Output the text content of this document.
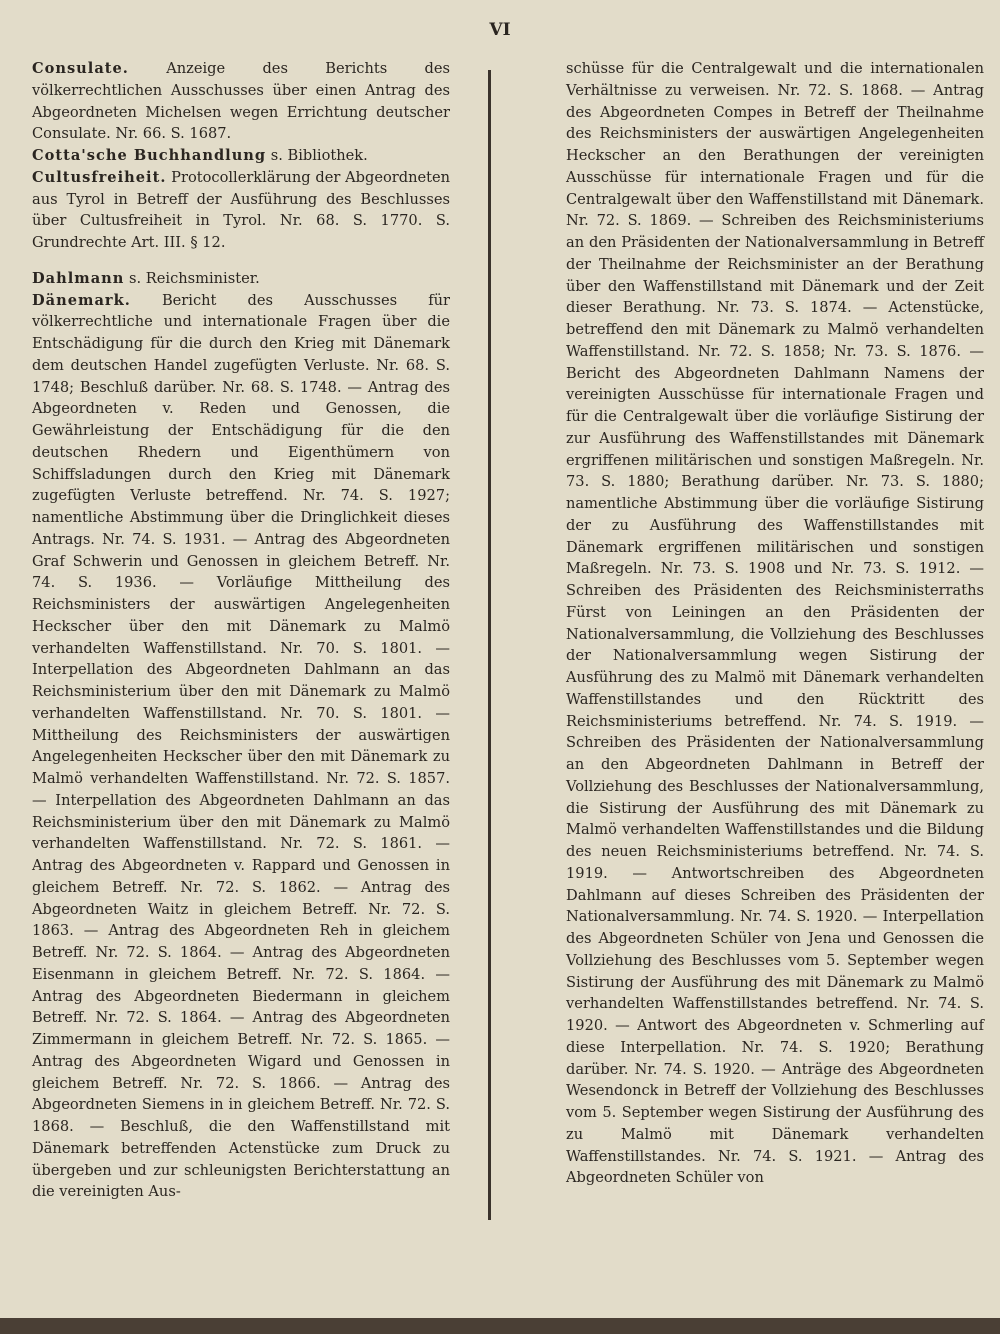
VI

Consulate.	Anzeige des Berichts des völkerrechtlichen Ausschusses über einen Antrag des Abgeordneten Michelsen wegen Errichtung deutscher Consulate. Nr. 66. S. 1687.

Cotta'sche Buchhandlung s. Bibliothek.

Cultusfreiheit. Protocollerklärung der Abgeordneten aus Tyrol in Betreff der Ausführung des Beschlusses über Cultusfreiheit in Tyrol. Nr. 68. S. 1770. S. Grundrechte Art. III. § 12.

Dahlmann s. Reichsminister.

Dänemark. Bericht des Ausschusses für völkerrechtliche und internationale Fragen über die Entschädigung für die durch den Krieg mit Dänemark dem deutschen Handel zugefügten Verluste. Nr. 68. S. 1748; Beschluß darüber. Nr. 68. S. 1748. — Antrag des Abgeordneten v. Reden und Genossen, die Gewährleistung der Entschädigung für die den deutschen Rhedern und Eigenthümern von Schiffsladungen durch den Krieg mit Dänemark zugefügten Verluste betreffend. Nr. 74. S. 1927; namentliche Abstimmung über die Dringlichkeit dieses Antrags. Nr. 74. S. 1931. — Antrag des Abgeordneten Graf Schwerin und Genossen in gleichem Betreff. Nr. 74. S. 1936. — Vorläufige Mittheilung des Reichsministers der auswärtigen Angelegenheiten Heckscher über den mit Dänemark zu Malmö verhandelten Waffenstillstand. Nr. 70. S. 1801. — Interpellation des Abgeordneten Dahlmann an das Reichsministerium über den mit Dänemark zu Malmö verhandelten Waffenstillstand. Nr. 70. S. 1801. — Mittheilung des Reichsministers der auswärtigen Angelegenheiten Heckscher über den mit Dänemark zu Malmö verhandelten Waffenstillstand. Nr. 72. S. 1857. — Interpellation des Abgeordneten Dahlmann an das Reichsministerium über den mit Dänemark zu Malmö verhandelten Waffenstillstand. Nr. 72. S. 1861. — Antrag des Abgeordneten v. Rappard und Genossen in gleichem Betreff. Nr. 72. S. 1862. — Antrag des Abgeordneten Waitz in gleichem Betreff. Nr. 72. S. 1863. — Antrag des Abgeordneten Reh in gleichem Betreff. Nr. 72. S. 1864. — Antrag des Abgeordneten Eisenmann in gleichem Betreff. Nr. 72. S. 1864. — Antrag des Abgeordneten Biedermann in gleichem Betreff. Nr. 72. S. 1864. — Antrag des Abgeordneten Zimmermann in gleichem Betreff. Nr. 72. S. 1865. — Antrag des Abgeordneten Wigard und Genossen in gleichem Betreff. Nr. 72. S. 1866. — Antrag des Abgeordneten Siemens in in gleichem Betreff. Nr. 72. S. 1868. — Beschluß, die den Waffenstillstand mit Dänemark betreffenden Actenstücke zum Druck zu übergeben und zur schleunigsten Berichterstattung an die vereinigten Aus-

schüsse für die Centralgewalt und die internationalen Verhältnisse zu verweisen. Nr. 72. S. 1868. — Antrag des Abgeordneten Compes in Betreff der Theilnahme des Reichsministers der auswärtigen Angelegenheiten Heckscher an den Berathungen der vereinigten Ausschüsse für internationale Fragen und für die Centralgewalt über den Waffenstillstand mit Dänemark. Nr. 72. S. 1869. — Schreiben des Reichsministeriums an den Präsidenten der Nationalversammlung in Betreff der Theilnahme der Reichsminister an der Berathung über den Waffenstillstand mit Dänemark und der Zeit dieser Berathung. Nr. 73. S. 1874. — Actenstücke, betreffend den mit Dänemark zu Malmö verhandelten Waffenstillstand. Nr. 72. S. 1858; Nr. 73. S. 1876. — Bericht des Abgeordneten Dahlmann Namens der vereinigten Ausschüsse für internationale Fragen und für die Centralgewalt über die vorläufige Sistirung der zur Ausführung des Waffenstillstandes mit Dänemark ergriffenen militärischen und sonstigen Maßregeln. Nr. 73. S. 1880; Berathung darüber. Nr. 73. S. 1880; namentliche Abstimmung über die vorläufige Sistirung der zu Ausführung des Waffenstillstandes mit Dänemark ergriffenen militärischen und sonstigen Maßregeln. Nr. 73. S. 1908 und Nr. 73. S. 1912. — Schreiben des Präsidenten des Reichsministerraths Fürst von Leiningen an den Präsidenten der Nationalversammlung, die Vollziehung des Beschlusses der Nationalversammlung wegen Sistirung der Ausführung des zu Malmö mit Dänemark verhandelten Waffenstillstandes und den Rücktritt des Reichsministeriums betreffend. Nr. 74. S. 1919. — Schreiben des Präsidenten der Nationalversammlung an den Abgeordneten Dahlmann in Betreff der Vollziehung des Beschlusses der Nationalversammlung, die Sistirung der Ausführung des mit Dänemark zu Malmö verhandelten Waffenstillstandes und die Bildung des neuen Reichsministeriums betreffend. Nr. 74. S. 1919. — Antwortschreiben des Abgeordneten Dahlmann auf dieses Schreiben des Präsidenten der Nationalversammlung. Nr. 74. S. 1920. — Interpellation des Abgeordneten Schüler von Jena und Genossen die Vollziehung des Beschlusses vom 5. September wegen Sistirung der Ausführung des mit Dänemark zu Malmö verhandelten Waffenstillstandes betreffend. Nr. 74. S. 1920. — Antwort des Abgeordneten v. Schmerling auf diese Interpellation. Nr. 74. S. 1920; Berathung darüber. Nr. 74. S. 1920. — Anträge des Abgeordneten Wesendonck in Betreff der Vollziehung des Beschlusses vom 5. September wegen Sistirung der Ausführung des zu Malmö mit Dänemark verhandelten Waffenstillstandes. Nr. 74. S. 1921. — Antrag des Abgeordneten Schüler von
